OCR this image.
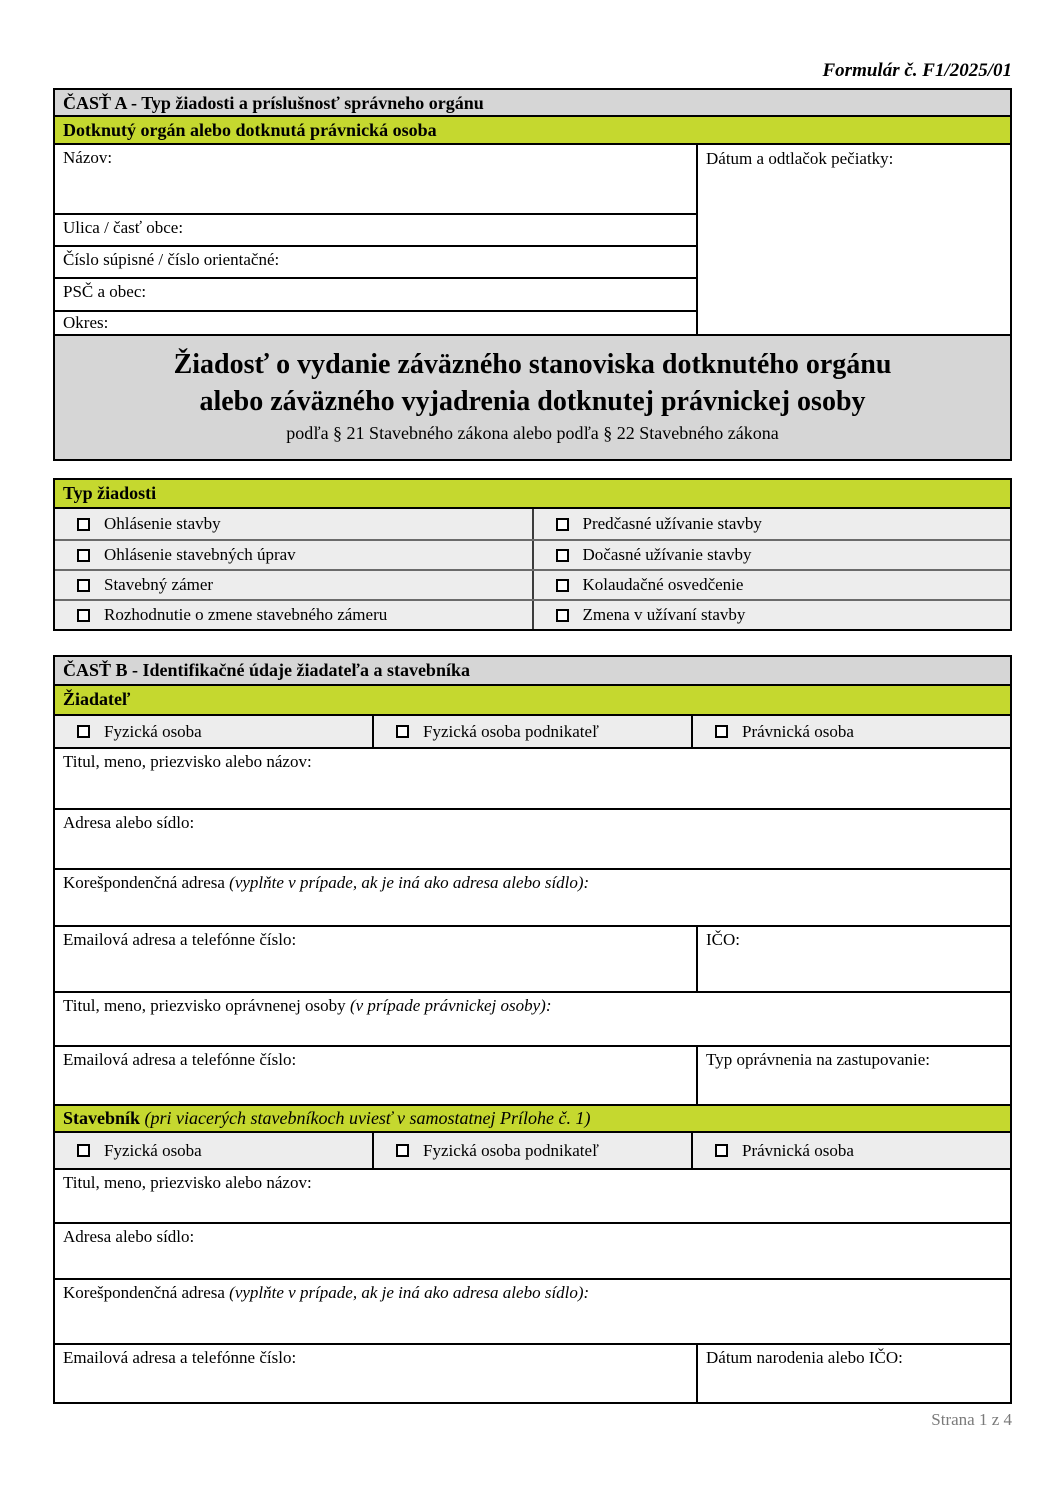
Formulár č. F1/2025/01
ČASŤ A - Typ žiadosti a príslušnosť správneho orgánu
Dotknutý orgán alebo dotknutá právnická osoba
Názov:
Ulica / časť obce:
Číslo súpisné / číslo orientačné:
PSČ a obec:
Okres:
Dátum a odtlačok pečiatky:
Žiadosť o vydanie záväzného stanoviska dotknutého orgánu
alebo záväzného vyjadrenia dotknutej právnickej osoby
podľa § 21 Stavebného zákona alebo podľa § 22 Stavebného zákona
Typ žiadosti
Ohlásenie stavby	Predčasné užívanie stavby
Ohlásenie stavebných úprav	Dočasné užívanie stavby
Stavebný zámer	Kolaudačné osvedčenie
Rozhodnutie o zmene stavebného zámeru	Zmena v užívaní stavby
ČASŤ B - Identifikačné údaje žiadateľa a stavebníka
Žiadateľ
Fyzická osoba	Fyzická osoba podnikateľ	Právnická osoba
Titul, meno, priezvisko alebo názov:
Adresa alebo sídlo:
Korešpondenčná adresa (vyplňte v prípade, ak je iná ako adresa alebo sídlo):
Emailová adresa a telefónne číslo:	IČO:
Titul, meno, priezvisko oprávnenej osoby (v prípade právnickej osoby):
Emailová adresa a telefónne číslo:	Typ oprávnenia na zastupovanie:
Stavebník (pri viacerých stavebníkoch uviesť v samostatnej Prílohe č. 1)
Fyzická osoba	Fyzická osoba podnikateľ	Právnická osoba
Titul, meno, priezvisko alebo názov:
Adresa alebo sídlo:
Korešpondenčná adresa (vyplňte v prípade, ak je iná ako adresa alebo sídlo):
Emailová adresa a telefónne číslo:	Dátum narodenia alebo IČO:
Strana 1 z 4
